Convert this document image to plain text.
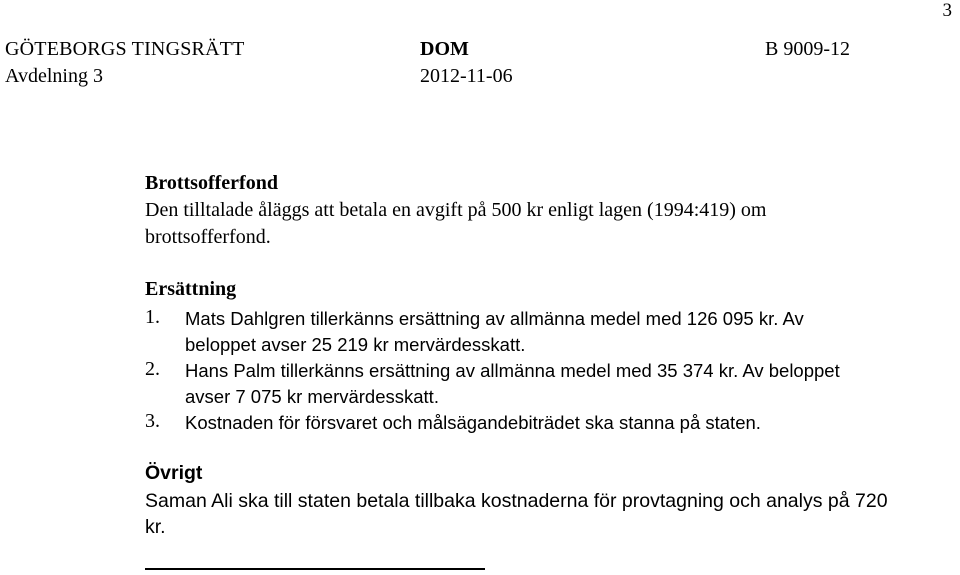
3
GÖTEBORGS TINGSRÄTT
Avdelning 3
DOM
2012-11-06
B 9009-12
Brottsofferfond
Den tilltalade åläggs att betala en avgift på 500 kr enligt lagen (1994:419) om
brottsofferfond.
Ersättning
1. Mats Dahlgren tillerkänns ersättning av allmänna medel med 126 095 kr. Av
beloppet avser 25 219 kr mervärdesskatt.
2. Hans Palm tillerkänns ersättning av allmänna medel med 35 374 kr. Av beloppet
avser 7 075 kr mervärdesskatt.
3. Kostnaden för försvaret och målsägandebiträdet ska stanna på staten.
Övrigt
Saman Ali ska till staten betala tillbaka kostnaderna för provtagning och analys på 720
kr.
